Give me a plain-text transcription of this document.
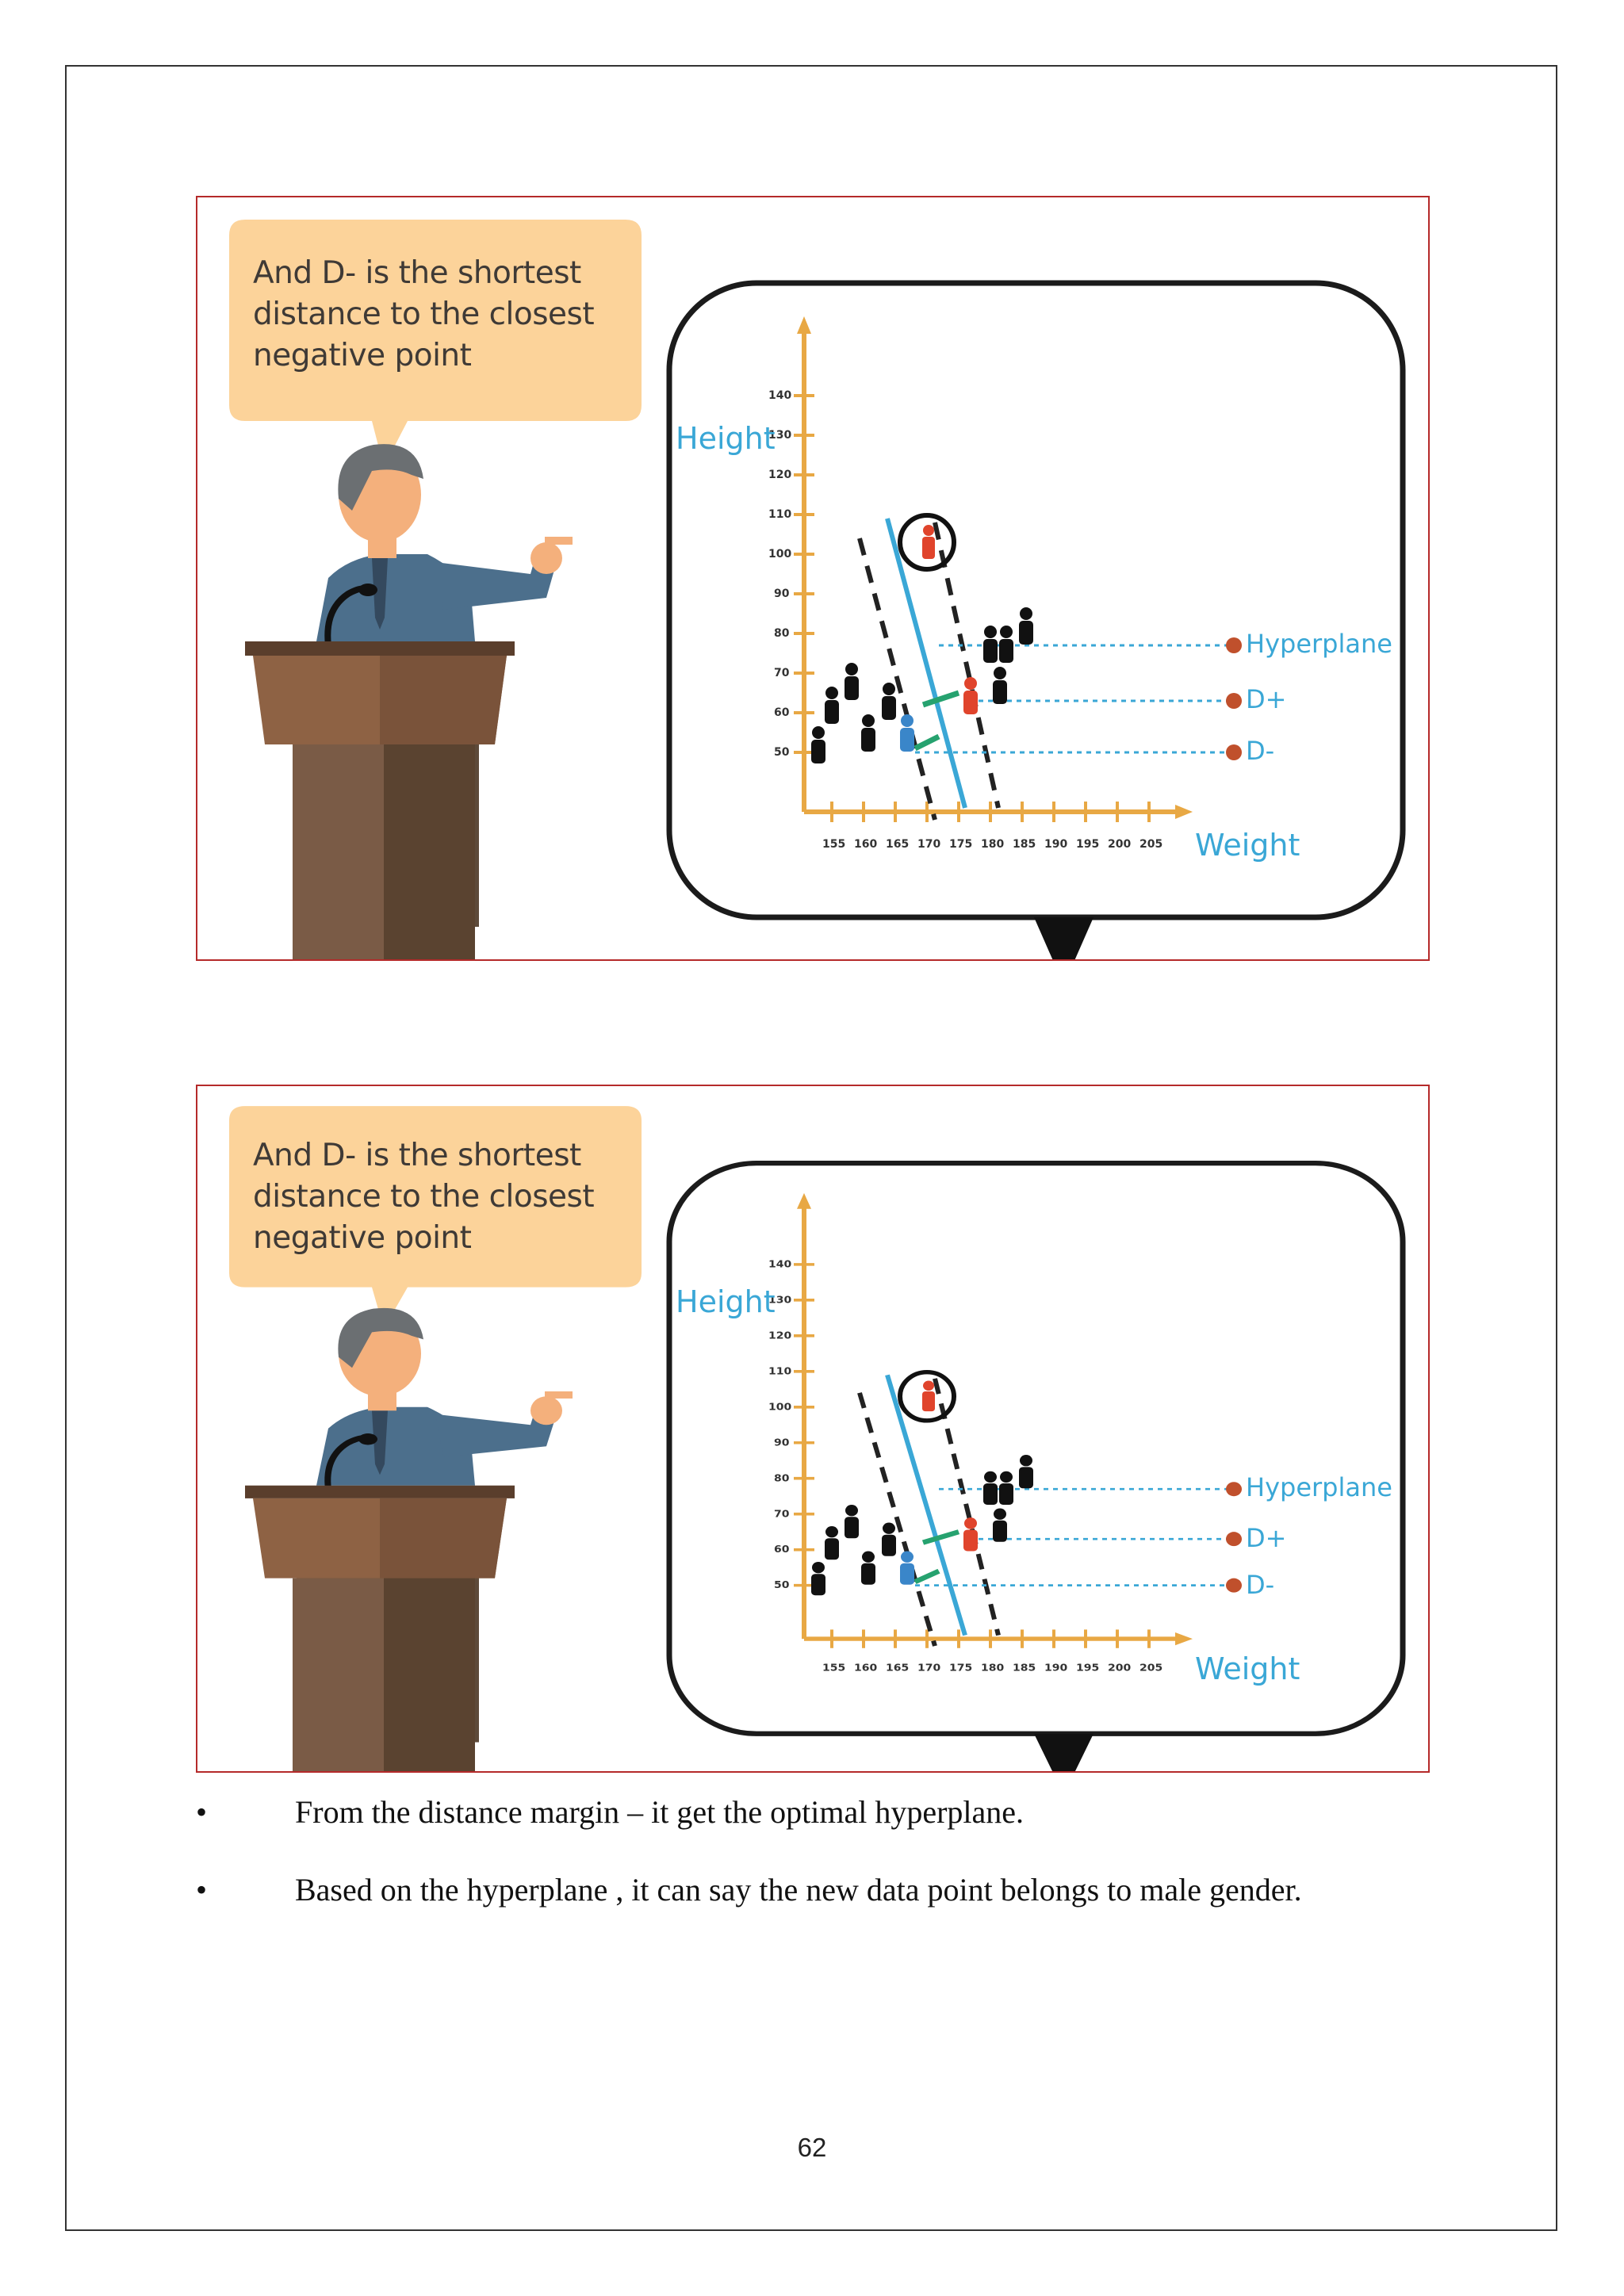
140
130
120
110
100
90
80
70
60
50
155 160 165 170 175 180 185 190 195 200 205
And D- is the shortest distance to the closest negative point
Height
Weight
Hyperplane
D+
D-
140
130
120
110
100
90
80
70
60
50
155 160 165 170 175 180 185 190 195 200 205
And D- is the shortest distance to the closest negative point
Height
Weight
Hyperplane
D+
D-
•	From the distance margin – it get the optimal hyperplane.
•	Based on the hyperplane , it can say the new data point belongs to male gender.
62
